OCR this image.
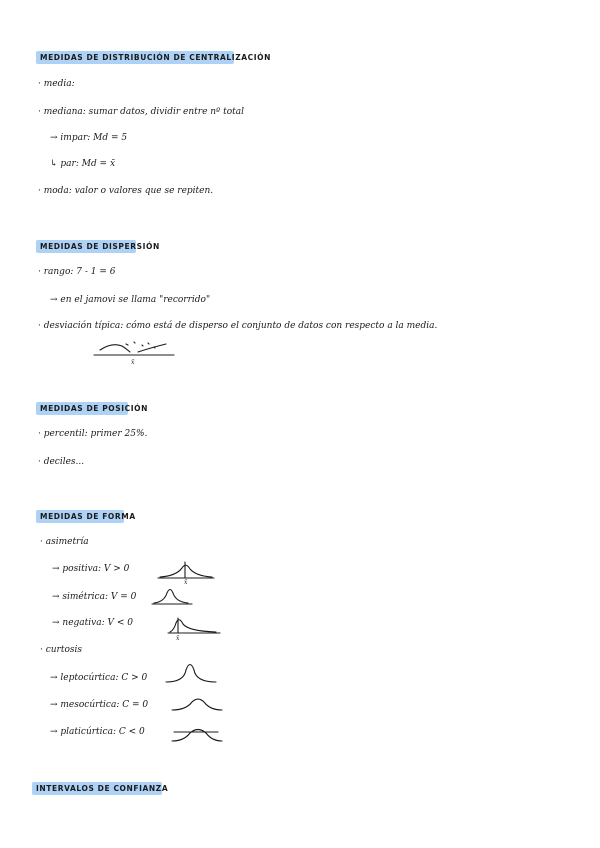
MEDIDAS DE DISTRIBUCIÓN DE CENTRALIZACIÓN
· media:
· mediana: sumar datos, dividir entre nº total
→ impar: Md = 5
↳ par: Md = x̄
· moda: valor o valores que se repiten.
MEDIDAS DE DISPERSIÓN
· rango: 7 - 1 = 6
→ en el jamovi se llama "recorrido"
· desviación típica: cómo está de disperso el conjunto de datos con respecto a la media.
x̄
MEDIDAS DE POSICIÓN
· percentil: primer 25%.
· deciles...
MEDIDAS DE FORMA
· asimetría
→ positiva: V > 0
x̄
→ simétrica: V = 0
→ negativa: V < 0
x̄
· curtosis
→ leptocúrtica: C > 0
→ mesocúrtica: C = 0
→ platicúrtica: C < 0
INTERVALOS DE CONFIANZA
